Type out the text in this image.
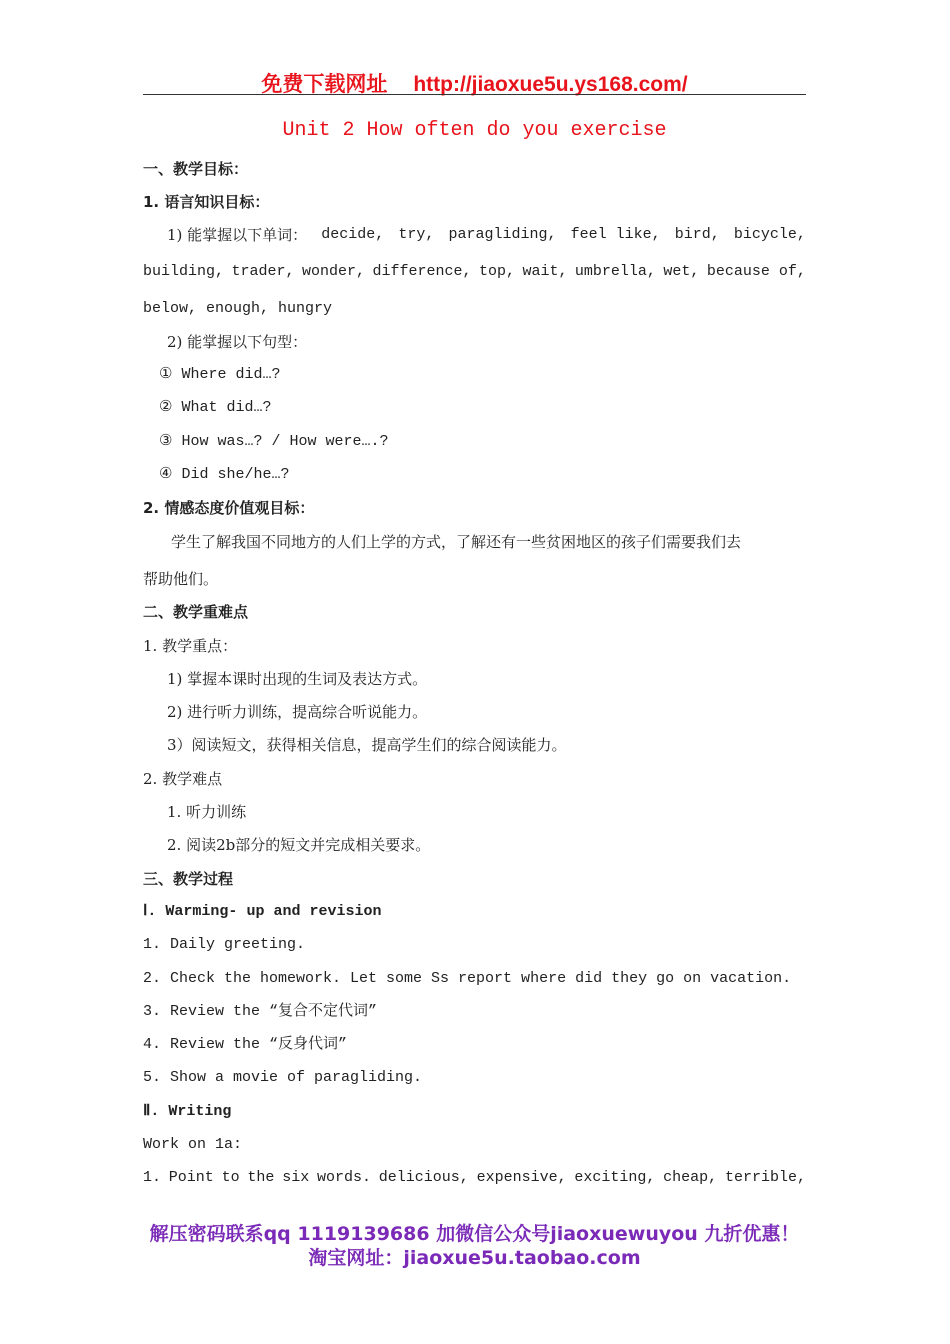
免费下载网址 http://jiaoxue5u.ys168.com/
Unit 2 How often do you exercise
一、教学目标：
1. 语言知识目标：
1) 能掌握以下单词： decide, try, paragliding, feel like, bird, bicycle,
building, trader, wonder, difference, top, wait, umbrella, wet, because of,
below, enough, hungry
2) 能掌握以下句型：
① Where did…?
② What did…?
③ How was…? / How were….?
④ Did she/he…?
2. 情感态度价值观目标：
学生了解我国不同地方的人们上学的方式，了解还有一些贫困地区的孩子们需要我们去
帮助他们。
二、教学重难点
1. 教学重点：
1) 掌握本课时出现的生词及表达方式。
2) 进行听力训练，提高综合听说能力。
3）阅读短文，获得相关信息，提高学生们的综合阅读能力。
2. 教学难点
1. 听力训练
2. 阅读2b部分的短文并完成相关要求。
三、教学过程
Ⅰ. Warming- up and revision
1. Daily greeting.
2. Check the homework. Let some Ss report where did they go on vacation.
3. Review the “复合不定代词”
4. Review the “反身代词”
5. Show a movie of paragliding.
Ⅱ. Writing
Work on 1a:
1. Point to the six words. delicious, expensive, exciting, cheap, terrible,
解压密码联系qq 1119139686 加微信公众号jiaoxuewuyou 九折优惠！
淘宝网址：jiaoxue5u.taobao.com
